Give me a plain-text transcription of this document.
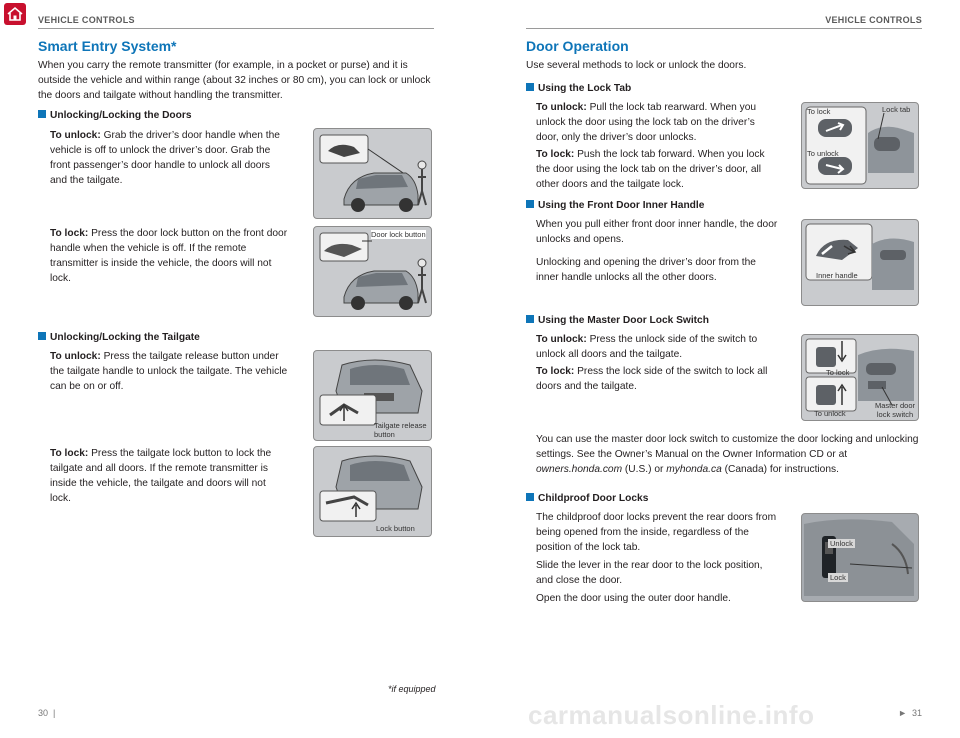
VEHICLE CONTROLS
Smart Entry System*
When you carry the remote transmitter (for example, in a pocket or purse) and it is outside the vehicle and within range (about 32 inches or 80 cm), you can lock or unlock the doors and tailgate without handling the transmitter.
Unlocking/Locking the Doors
To unlock: Grab the driver’s door handle when the vehicle is off to unlock the driver’s door. Grab the front passenger’s door handle to unlock all doors and the tailgate.
To lock: Press the door lock button on the front door handle when the vehicle is off. If the remote transmitter is inside the vehicle, the doors will not lock.
Door lock button
Unlocking/Locking the Tailgate
To unlock: Press the tailgate release button under the tailgate handle to unlock the tailgate. The vehicle can be on or off.
To lock: Press the tailgate lock button to lock the tailgate and all doors. If the remote transmitter is inside the vehicle, the tailgate and doors will not lock.
Tailgate release button
Lock button
*if equipped
30  |
VEHICLE CONTROLS
Door Operation
Use several methods to lock or unlock the doors.
Using the Lock Tab
To unlock: Pull the lock tab rearward. When you unlock the door using the lock tab on the driver’s door, only the driver’s door unlocks.
To lock: Push the lock tab forward. When you lock the door using the lock tab on the driver’s door, all other doors and the tailgate lock.
To lock	Lock tab
To unlock
Using the Front Door Inner Handle
When you pull either front door inner handle, the door unlocks and opens.
Unlocking and opening the driver’s door from the inner handle unlocks all the other doors.	Inner handle
Using the Master Door Lock Switch
To unlock: Press the unlock side of the switch to unlock all doors and the tailgate.
To lock: Press the lock side of the switch to lock all doors and the tailgate.
To lock
To unlock
Master door lock switch
You can use the master door lock switch to customize the door locking and unlocking settings. See the Owner’s Manual on the Owner Information CD or at owners.honda.com (U.S.) or myhonda.ca (Canada) for instructions.
Childproof Door Locks
The childproof door locks prevent the rear doors from being opened from the inside, regardless of the position of the lock tab.
Slide the lever in the rear door to the lock position, and close the door.
Open the door using the outer door handle.
Unlock
Lock
►  31
carmanualsonline.info
